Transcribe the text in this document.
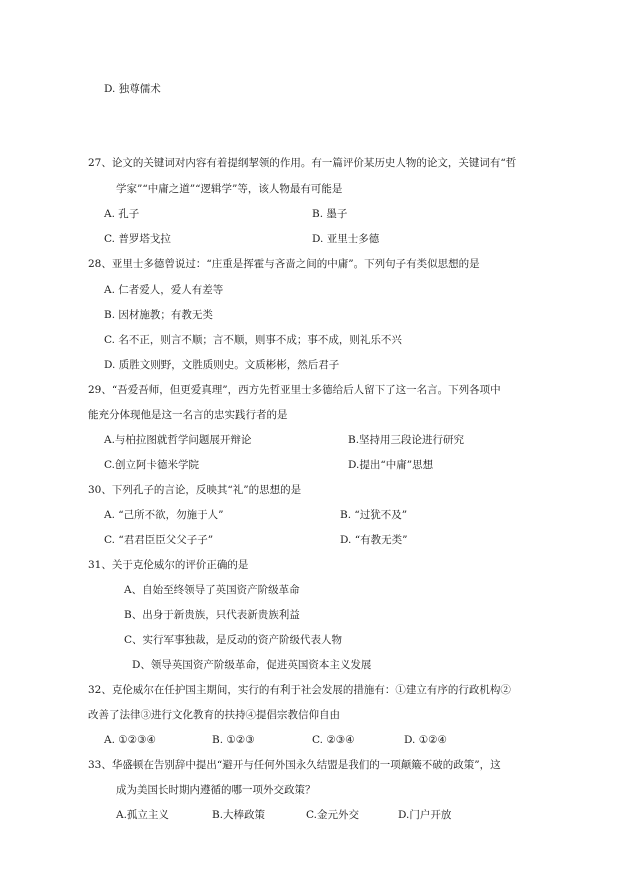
D. 独尊儒术
27、论文的关键词对内容有着提纲挈领的作用。有一篇评价某历史人物的论文，关键词有“哲
学家”“中庸之道”“逻辑学”等，该人物最有可能是
A. 孔子	B. 墨子
C. 普罗塔戈拉	D. 亚里士多德
28、亚里士多德曾说过：“庄重是挥霍与吝啬之间的中庸”。下列句子有类似思想的是
A. 仁者爱人，爱人有差等
B. 因材施教；有教无类
C. 名不正，则言不顺；言不顺，则事不成；事不成，则礼乐不兴
D. 质胜文则野，文胜质则史。文质彬彬，然后君子
29、“吾爱吾师，但更爱真理”，西方先哲亚里士多德给后人留下了这一名言。下列各项中
能充分体现他是这一名言的忠实践行者的是
A.与柏拉图就哲学问题展开辩论	B.坚持用三段论进行研究
C.创立阿卡德米学院	D.提出“中庸”思想
30、下列孔子的言论，反映其“礼”的思想的是
A. “己所不欲，勿施于人”	B. “过犹不及”
C. “君君臣臣父父子子”	D. “有教无类”
31、关于克伦威尔的评价正确的是
A、自始至终领导了英国资产阶级革命
B、出身于新贵族，只代表新贵族利益
C、实行军事独裁，是反动的资产阶级代表人物
D、领导英国资产阶级革命，促进英国资本主义发展
32、克伦威尔在任护国主期间，实行的有利于社会发展的措施有：①建立有序的行政机构②
改善了法律③进行文化教育的扶持④提倡宗教信仰自由
A. ①②③④	B. ①②③	C. ②③④	D. ①②④
33、华盛顿在告别辞中提出“避开与任何外国永久结盟是我们的一项颠簸不破的政策”，这
成为美国长时期内遵循的哪一项外交政策？
A.孤立主义	B.大棒政策	C.金元外交	D.门户开放
